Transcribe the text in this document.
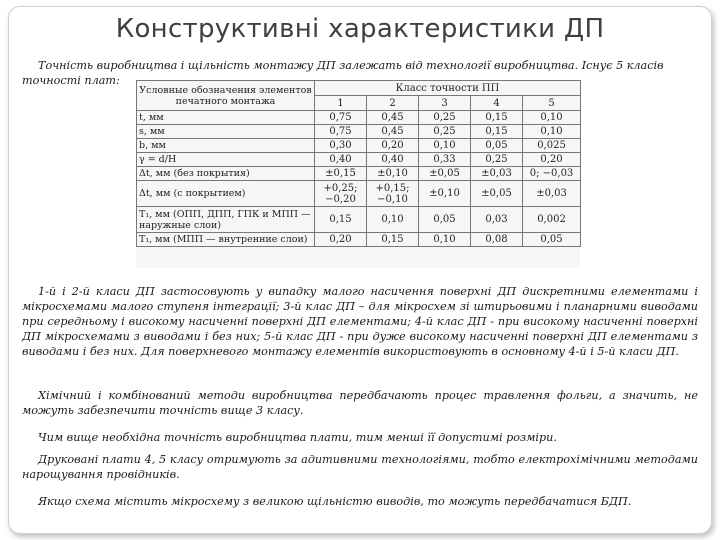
Конструктивні характеристики ДП
Точність виробництва і щільність монтажу ДП залежать від технології виробництва. Існує 5 класів точності плат:
Условные обозначения элементов печатного монтажа	Класс точности ПП				
	1	2	3	4	5
t, мм	0,75	0,45	0,25	0,15	0,10
s, мм	0,75	0,45	0,25	0,15	0,10
b, мм	0,30	0,20	0,10	0,05	0,025
γ = d/H	0,40	0,40	0,33	0,25	0,20
Δt, мм (без покрытия)	±0,15	±0,10	±0,05	±0,03	0; −0,03
Δt, мм (с покрытием)	+0,25; −0,20	+0,15; −0,10	±0,10	±0,05	±0,03
T₁, мм (ОПП, ДПП, ГПК и МПП — наружные слои)	0,15	0,10	0,05	0,03	0,002
T₁, мм (МПП — внутренние слои)	0,20	0,15	0,10	0,08	0,05
1-й і 2-й класи ДП застосовують у випадку малого насичення поверхні ДП дискретними елементами і мікросхемами малого ступеня інтеграції; 3-й клас ДП – для мікросхем зі штирьовими і планарними виводами при середньому і високому насиченні поверхні ДП елементами; 4-й клас ДП - при високому насиченні поверхні ДП мікросхемами з виводами і без них; 5-й клас ДП - при дуже високому насиченні поверхні ДП елементами з виводами і без них. Для поверхневого монтажу елементів використовують в основному 4-й і 5-й класи ДП.
Хімічний і комбінований методи виробництва передбачають процес травлення фольги, а значить, не можуть забезпечити точність вище 3 класу.
Чим вище необхідна точність виробництва плати, тим менші її допустимі розміри.
Друковані плати 4, 5 класу отримують за адитивними технологіями, тобто електрохімічними методами нарощування провідників.
Якщо схема містить мікросхему з великою щільністю виводів, то можуть передбачатися БДП.
